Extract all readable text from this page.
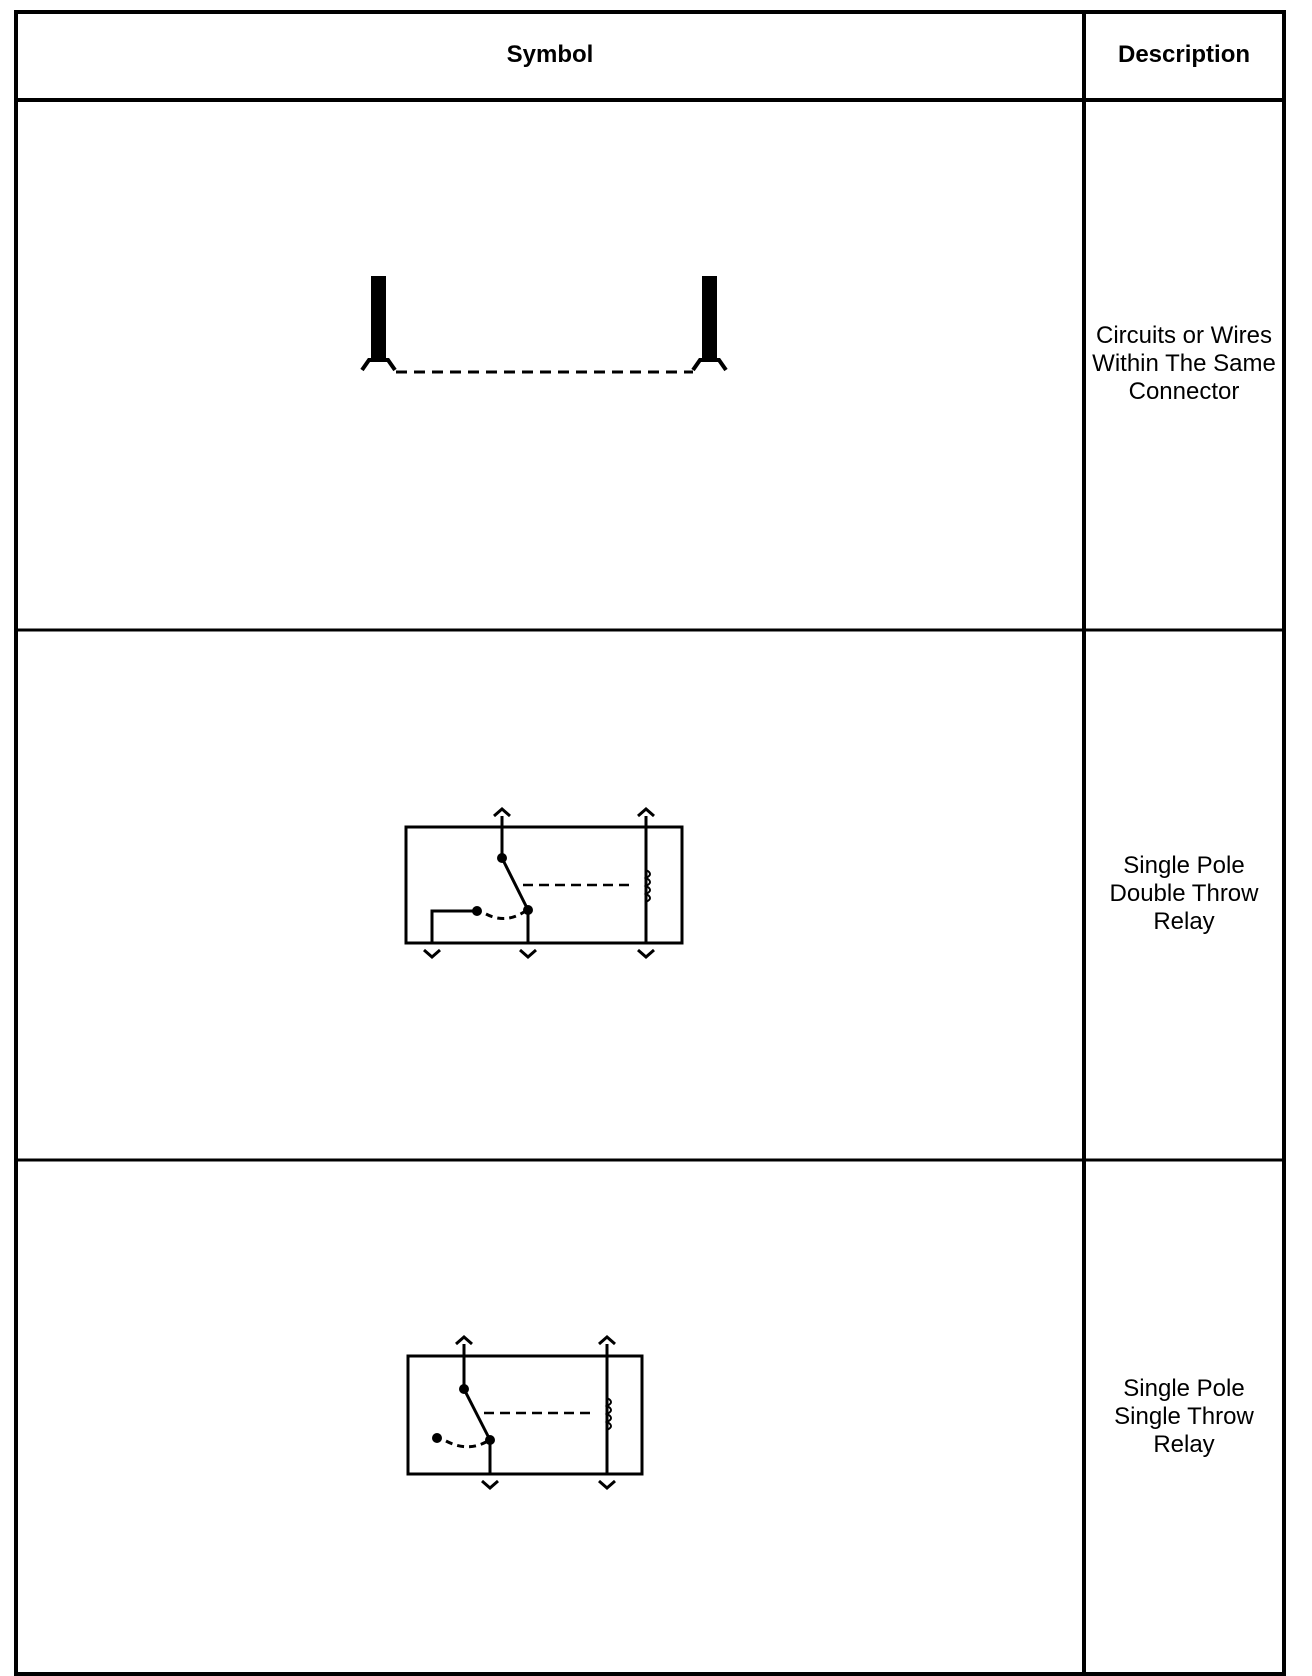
Symbol	Description
Circuits or Wires Within The Same Connector
Single Pole Double Throw Relay
Single Pole Single Throw Relay
